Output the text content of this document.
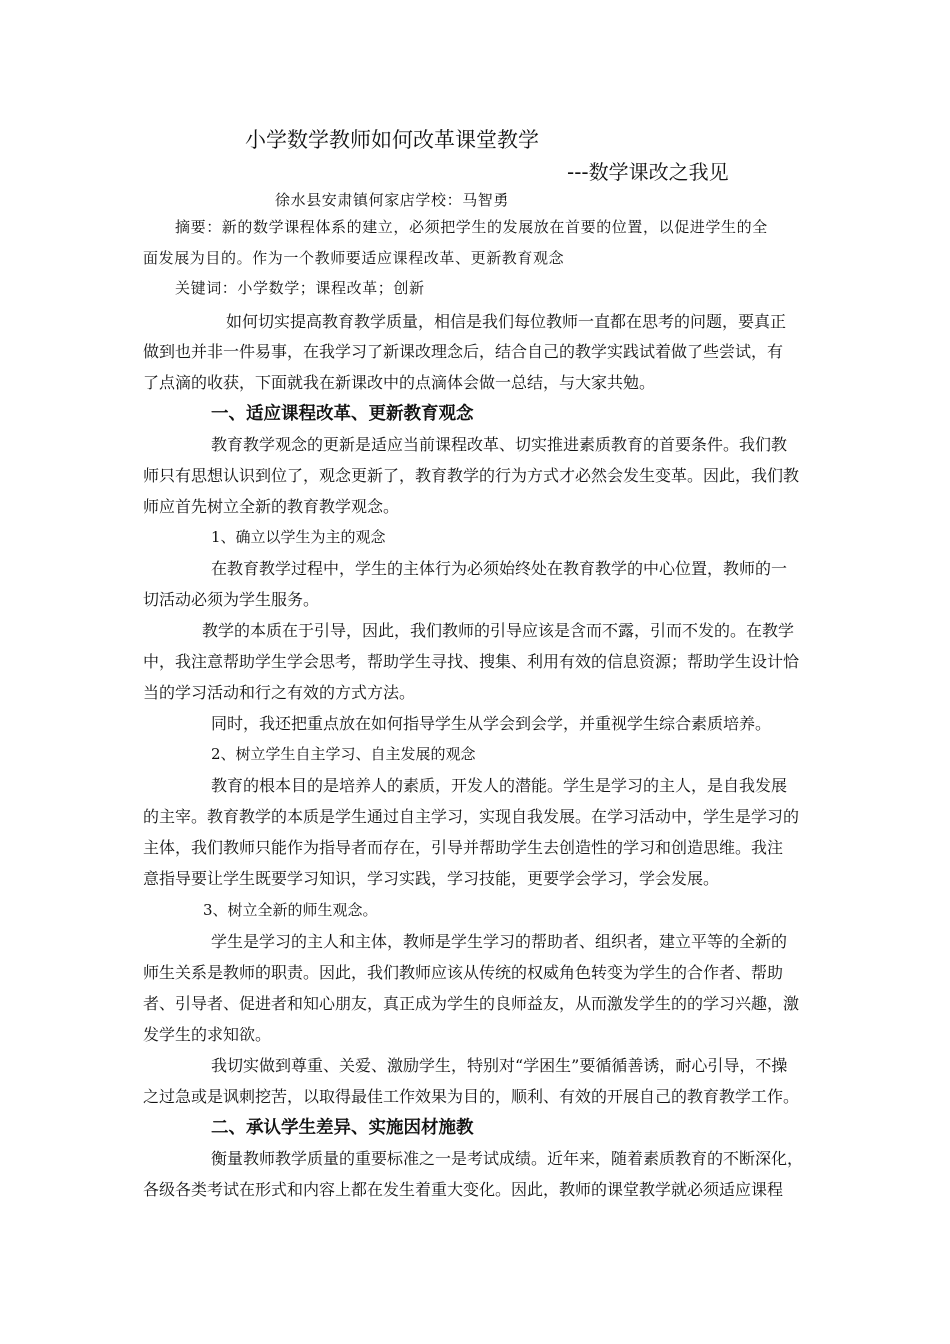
小学数学教师如何改革课堂教学
---数学课改之我见
徐水县安肃镇何家店学校：马智勇
摘要：新的数学课程体系的建立，必须把学生的发展放在首要的位置，以促进学生的全
面发展为目的。作为一个教师要适应课程改革、更新教育观念
关键词：小学数学；课程改革；创新
如何切实提高教育教学质量，相信是我们每位教师一直都在思考的问题，要真正
做到也并非一件易事，在我学习了新课改理念后，结合自己的教学实践试着做了些尝试，有
了点滴的收获，下面就我在新课改中的点滴体会做一总结，与大家共勉。
一、适应课程改革、更新教育观念
教育教学观念的更新是适应当前课程改革、切实推进素质教育的首要条件。我们教
师只有思想认识到位了，观念更新了，教育教学的行为方式才必然会发生变革。因此，我们教
师应首先树立全新的教育教学观念。
1、确立以学生为主的观念
在教育教学过程中，学生的主体行为必须始终处在教育教学的中心位置，教师的一
切活动必须为学生服务。
教学的本质在于引导，因此，我们教师的引导应该是含而不露，引而不发的。在教学
中，我注意帮助学生学会思考，帮助学生寻找、搜集、利用有效的信息资源；帮助学生设计恰
当的学习活动和行之有效的方式方法。
同时，我还把重点放在如何指导学生从学会到会学，并重视学生综合素质培养。
2、树立学生自主学习、自主发展的观念
教育的根本目的是培养人的素质，开发人的潜能。学生是学习的主人，是自我发展
的主宰。教育教学的本质是学生通过自主学习，实现自我发展。在学习活动中，学生是学习的
主体，我们教师只能作为指导者而存在，引导并帮助学生去创造性的学习和创造思维。我注
意指导要让学生既要学习知识，学习实践，学习技能，更要学会学习，学会发展。
3、树立全新的师生观念。
学生是学习的主人和主体，教师是学生学习的帮助者、组织者，建立平等的全新的
师生关系是教师的职责。因此，我们教师应该从传统的权威角色转变为学生的合作者、帮助
者、引导者、促进者和知心朋友，真正成为学生的良师益友，从而激发学生的的学习兴趣，激
发学生的求知欲。
我切实做到尊重、关爱、激励学生，特别对“学困生”要循循善诱，耐心引导，不操
之过急或是讽刺挖苦，以取得最佳工作效果为目的，顺利、有效的开展自己的教育教学工作。
二、承认学生差异、实施因材施教
衡量教师教学质量的重要标准之一是考试成绩。近年来，随着素质教育的不断深化，
各级各类考试在形式和内容上都在发生着重大变化。因此，教师的课堂教学就必须适应课程
